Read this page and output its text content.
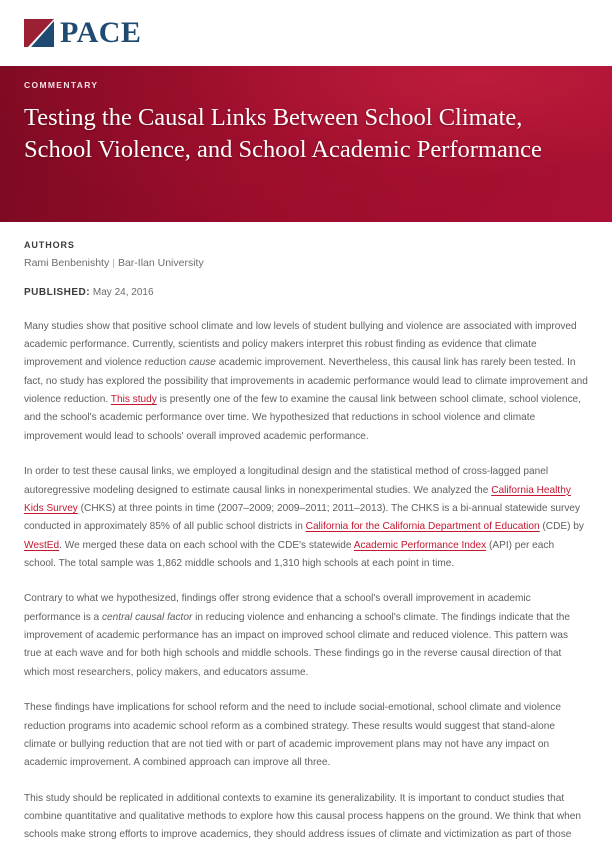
PACE

COMMENTARY

Testing the Causal Links Between School Climate, School Violence, and School Academic Performance

AUTHORS

Rami Benbenishty | Bar-Ilan University

PUBLISHED: May 24, 2016

Many studies show that positive school climate and low levels of student bullying and violence are associated with improved academic performance. Currently, scientists and policy makers interpret this robust finding as evidence that climate improvement and violence reduction cause academic improvement. Nevertheless, this causal link has rarely been tested. In fact, no study has explored the possibility that improvements in academic performance would lead to climate improvement and violence reduction. This study is presently one of the few to examine the causal link between school climate, school violence, and the school's academic performance over time. We hypothesized that reductions in school violence and climate improvement would lead to schools' overall improved academic performance.

In order to test these causal links, we employed a longitudinal design and the statistical method of cross-lagged panel autoregressive modeling designed to estimate causal links in nonexperimental studies. We analyzed the California Healthy Kids Survey (CHKS) at three points in time (2007–2009; 2009–2011; 2011–2013). The CHKS is a bi-annual statewide survey conducted in approximately 85% of all public school districts in California for the California Department of Education (CDE) by WestEd. We merged these data on each school with the CDE's statewide Academic Performance Index (API) per each school. The total sample was 1,862 middle schools and 1,310 high schools at each point in time.

Contrary to what we hypothesized, findings offer strong evidence that a school's overall improvement in academic performance is a central causal factor in reducing violence and enhancing a school's climate. The findings indicate that the improvement of academic performance has an impact on improved school climate and reduced violence. This pattern was true at each wave and for both high schools and middle schools. These findings go in the reverse causal direction of that which most researchers, policy makers, and educators assume.

These findings have implications for school reform and the need to include social-emotional, school climate and violence reduction programs into academic school reform as a combined strategy. These results would suggest that stand-alone climate or bullying reduction that are not tied with or part of academic improvement plans may not have any impact on academic improvement. A combined approach can improve all three.

This study should be replicated in additional contexts to examine its generalizability. It is important to conduct studies that combine quantitative and qualitative methods to explore how this causal process happens on the ground. We think that when schools make strong efforts to improve academics, they should address issues of climate and victimization as part of those
